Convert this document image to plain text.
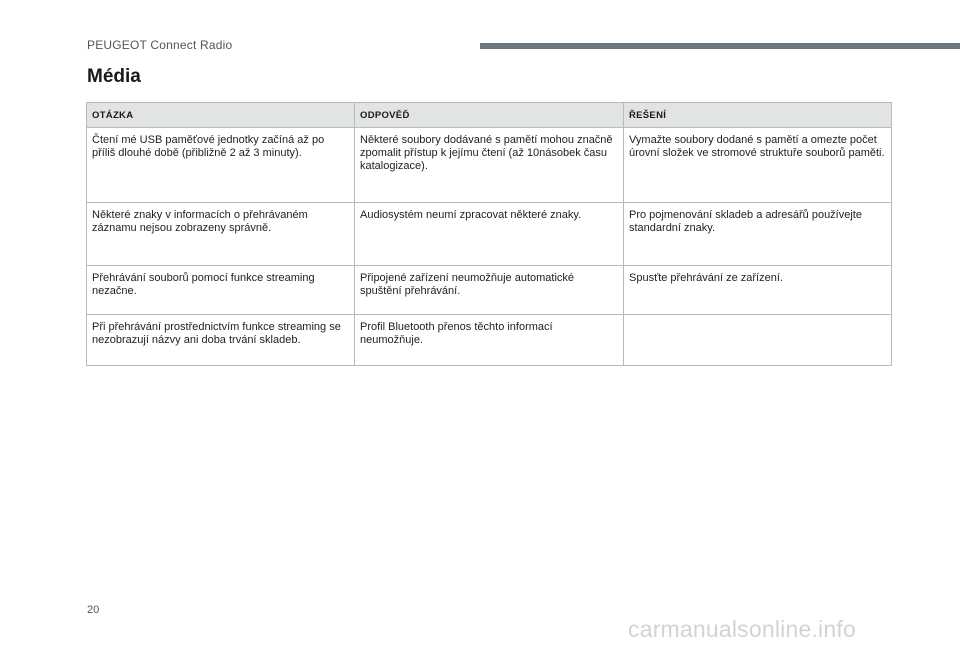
PEUGEOT Connect Radio
Média
OTÁZKA	ODPOVĚĎ	ŘEŠENÍ
Čtení mé USB paměťové jednotky začíná až po příliš dlouhé době (přibližně 2 až 3 minuty).	Některé soubory dodávané s pamětí mohou značně zpomalit přístup k jejímu čtení (až 10násobek času katalogizace).	Vymažte soubory dodané s pamětí a omezte počet úrovní složek ve stromové struktuře souborů paměti.
Některé znaky v informacích o přehrávaném záznamu nejsou zobrazeny správně.	Audiosystém neumí zpracovat některé znaky.	Pro pojmenování skladeb a adresářů používejte standardní znaky.
Přehrávání souborů pomocí funkce streaming nezačne.	Připojené zařízení neumožňuje automatické spuštění přehrávání.	Spusťte přehrávání ze zařízení.
Při přehrávání prostřednictvím funkce streaming se nezobrazují názvy ani doba trvání skladeb.	Profil Bluetooth přenos těchto informací neumožňuje.	
20
carmanualsonline.info
